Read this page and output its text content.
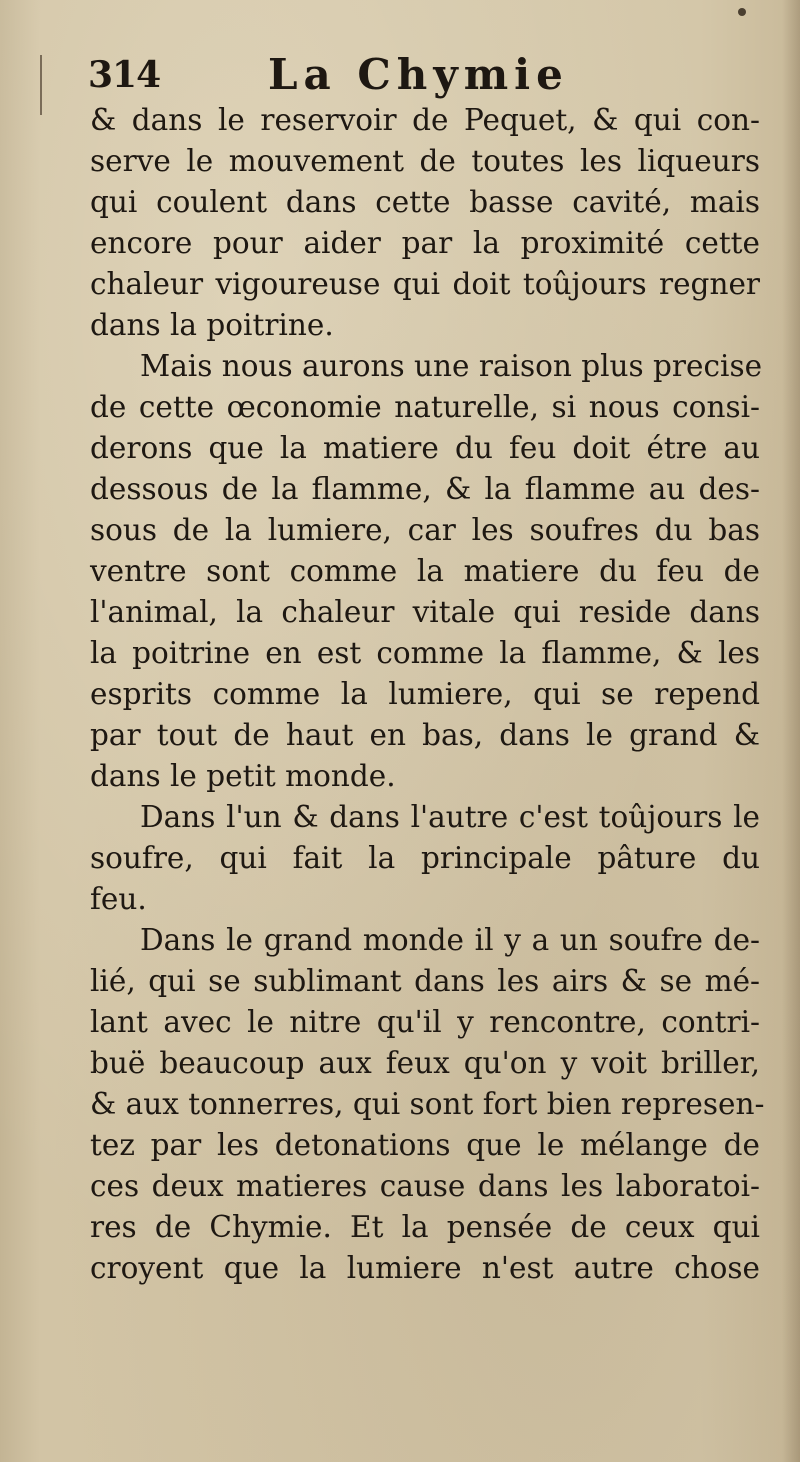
314	La Chymie
& dans le reservoir de Pequet, & qui con-
serve le mouvement de toutes les liqueurs
qui coulent dans cette basse cavité, mais
encore pour aider par la proximité cette
chaleur vigoureuse qui doit toûjours regner
dans la poitrine.
Mais nous aurons une raison plus precise
de cette œconomie naturelle, si nous consi-
derons que la matiere du feu doit étre au
dessous de la flamme, & la flamme au des-
sous de la lumiere, car les soufres du bas
ventre sont comme la matiere du feu de
l'animal, la chaleur vitale qui reside dans
la poitrine en est comme la flamme, & les
esprits comme la lumiere, qui se repend
par tout de haut en bas, dans le grand &
dans le petit monde.
Dans l'un & dans l'autre c'est toûjours le
soufre, qui fait la principale pâture du
feu.
Dans le grand monde il y a un soufre de-
lié, qui se sublimant dans les airs & se mé-
lant avec le nitre qu'il y rencontre, contri-
buë beaucoup aux feux qu'on y voit briller,
& aux tonnerres, qui sont fort bien represen-
tez par les detonations que le mélange de
ces deux matieres cause dans les laboratoi-
res de Chymie. Et la pensée de ceux qui
croyent que la lumiere n'est autre chose
